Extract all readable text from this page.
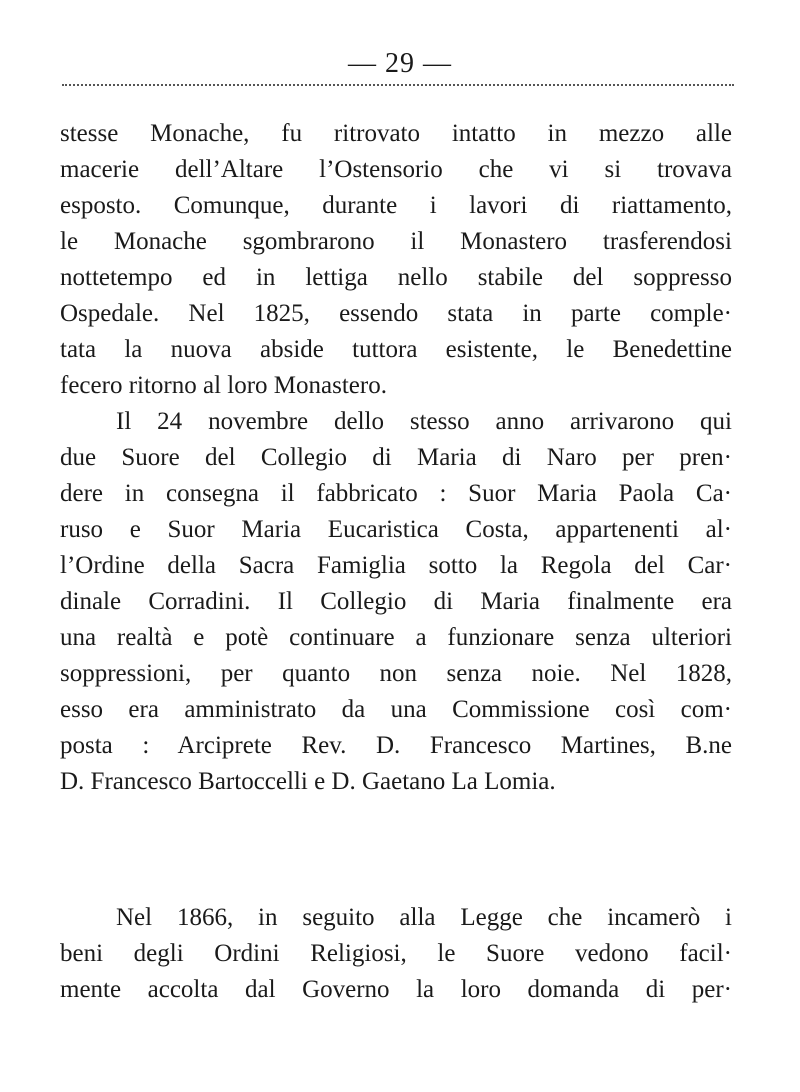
— 29 —
stesse Monache, fu ritrovato intatto in mezzo alle
macerie dell’Altare l’Ostensorio che vi si trovava
esposto. Comunque, durante i lavori di riattamento,
le Monache sgombrarono il Monastero trasferendosi
nottetempo ed in lettiga nello stabile del soppresso
Ospedale. Nel 1825, essendo stata in parte comple·
tata la nuova abside tuttora esistente, le Benedettine
fecero ritorno al loro Monastero.
Il 24 novembre dello stesso anno arrivarono qui
due Suore del Collegio di Maria di Naro per pren·
dere in consegna il fabbricato : Suor Maria Paola Ca·
ruso e Suor Maria Eucaristica Costa, appartenenti al·
l’Ordine della Sacra Famiglia sotto la Regola del Car·
dinale Corradini. Il Collegio di Maria finalmente era
una realtà e potè continuare a funzionare senza ulteriori
soppressioni, per quanto non senza noie. Nel 1828,
esso era amministrato da una Commissione così com·
posta : Arciprete Rev. D. Francesco Martines, B.ne
D. Francesco Bartoccelli e D. Gaetano La Lomia.
Nel 1866, in seguito alla Legge che incamerò i
beni degli Ordini Religiosi, le Suore vedono facil·
mente accolta dal Governo la loro domanda di per·
